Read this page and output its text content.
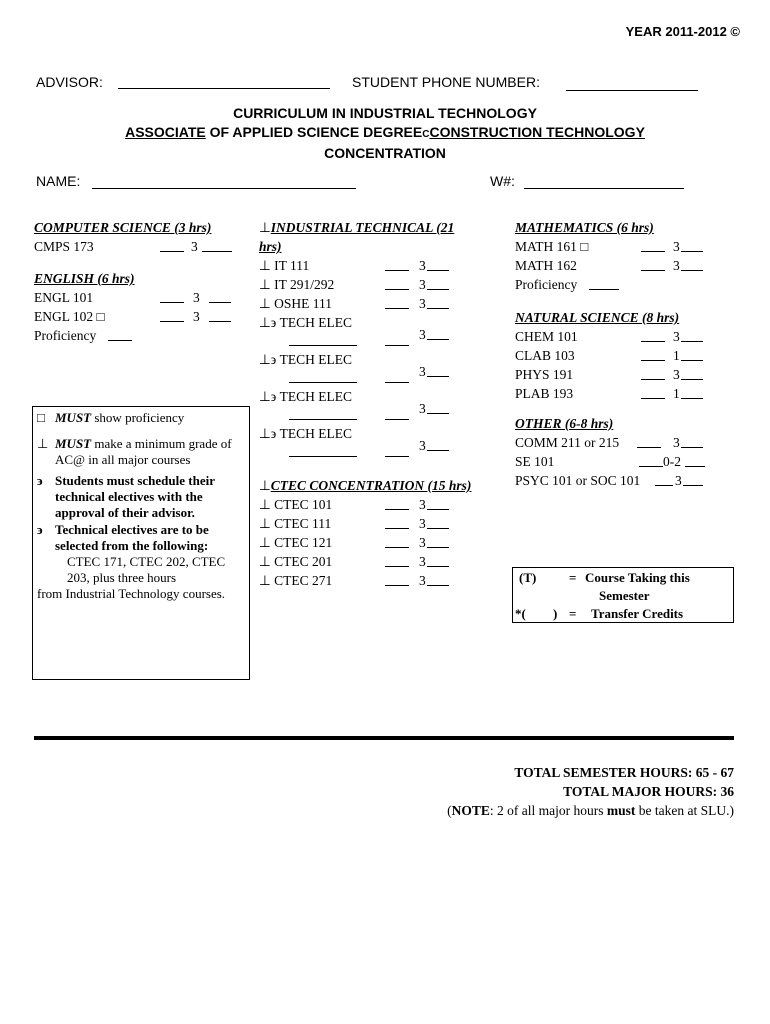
YEAR 2011-2012 ©
ADVISOR:	STUDENT PHONE NUMBER:
CURRICULUM IN INDUSTRIAL TECHNOLOGY
ASSOCIATE OF APPLIED SCIENCE DEGREECCONSTRUCTION TECHNOLOGY
CONCENTRATION
NAME:	W#:
COMPUTER SCIENCE (3 hrs)
CMPS 173	3
ENGLISH (6 hrs)
ENGL 101	3
ENGL 102 □	3
Proficiency
□ MUST show proficiency
⊥ MUST make a minimum grade of AC@ in all major courses
϶ Students must schedule their technical electives with the approval of their advisor.
϶ Technical electives are to be selected from the following:
CTEC 171, CTEC 202, CTEC 203, plus three hours
from Industrial Technology courses.
⊥INDUSTRIAL TECHNICAL (21
hrs)
⊥ IT 111	3
⊥ IT 291/292	3
⊥ OSHE 111	3
⊥϶ TECH ELEC
3
⊥϶ TECH ELEC
3
⊥϶ TECH ELEC
3
⊥϶ TECH ELEC
3
⊥CTEC CONCENTRATION (15 hrs)
⊥ CTEC 101	3
⊥ CTEC 111	3
⊥ CTEC 121	3
⊥ CTEC 201	3
⊥ CTEC 271	3
MATHEMATICS (6 hrs)
MATH 161 □	3
MATH 162	3
Proficiency
NATURAL SCIENCE (8 hrs)
CHEM 101	3
CLAB 103	1
PHYS 191	3
PLAB 193	1
OTHER (6-8 hrs)
COMM 211 or 215	3
SE 101	0-2
PSYC 101 or SOC 101	3
(T)	= Course Taking this
Semester
*( ) = Transfer Credits
TOTAL SEMESTER HOURS: 65 - 67
TOTAL MAJOR HOURS: 36
(NOTE: 2 of all major hours must be taken at SLU.)
